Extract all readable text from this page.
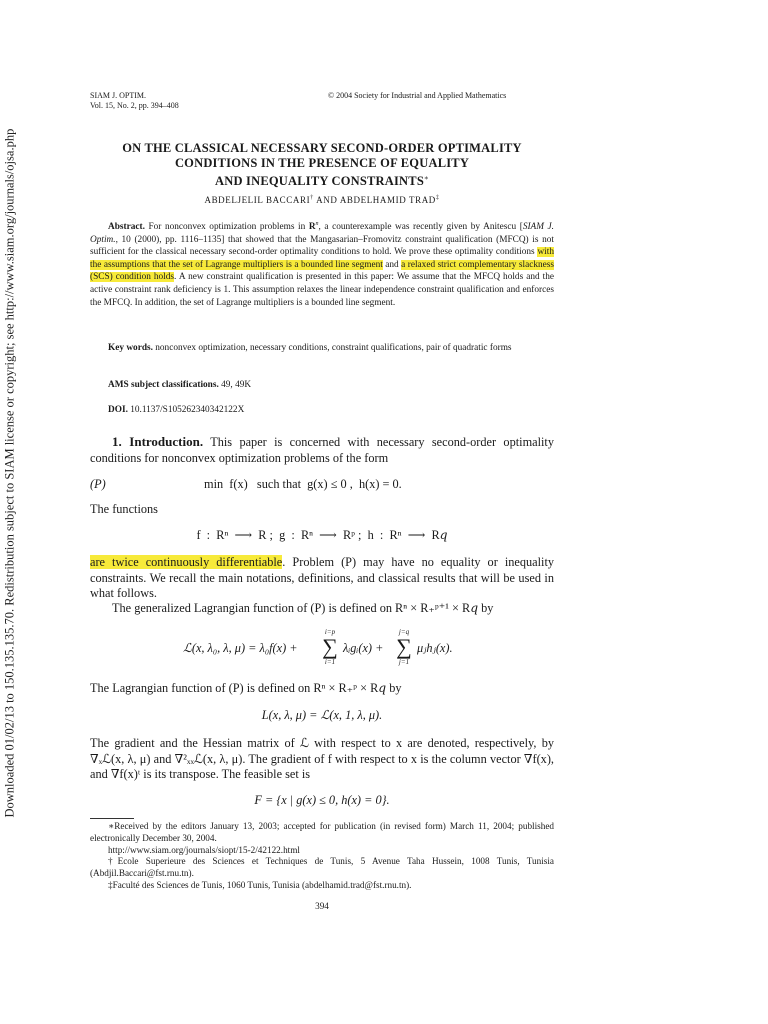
Downloaded 01/02/13 to 150.135.135.70. Redistribution subject to SIAM license or copyright; see http://www.siam.org/journals/ojsa.php
SIAM J. OPTIM.
Vol. 15, No. 2, pp. 394–408
© 2004 Society for Industrial and Applied Mathematics
ON THE CLASSICAL NECESSARY SECOND-ORDER OPTIMALITY
CONDITIONS IN THE PRESENCE OF EQUALITY
AND INEQUALITY CONSTRAINTS∗
ABDELJELIL BACCARI† AND ABDELHAMID TRAD‡
Abstract. For nonconvex optimization problems in $R^n$, a counterexample was recently given by Anitescu [SIAM J. Optim., 10 (2000), pp. 1116–1135] that showed that the Mangasarian–Fromovitz constraint qualification (MFCQ) is not sufficient for the classical necessary second-order optimality conditions to hold. We prove these optimality conditions with the assumptions that the set of Lagrange multipliers is a bounded line segment and a relaxed strict complementary slackness (SCS) condition holds. A new constraint qualification is presented in this paper: We assume that the MFCQ holds and the active constraint rank deficiency is 1. This assumption relaxes the linear independence constraint qualification and enforces the MFCQ. In addition, the set of Lagrange multipliers is a bounded line segment.
Key words. nonconvex optimization, necessary conditions, constraint qualifications, pair of quadratic forms
AMS subject classifications. 49, 49K
DOI. 10.1137/S105262340342122X
1. Introduction. This paper is concerned with necessary second-order optimality conditions for nonconvex optimization problems of the form
(P)	min  f(x)   such that  g(x) ≤ 0 ,  h(x) = 0.
The functions
f  :  Rⁿ  ⟶  R ;  g  :  Rⁿ  ⟶  Rᵖ ;  h  :  Rⁿ  ⟶  R𝑞
are twice continuously differentiable. Problem (P) may have no equality or inequality constraints. We recall the main notations, definitions, and classical results that will be used in what follows.
The generalized Lagrangian function of (P) is defined on Rⁿ × R₊ᵖ⁺¹ × R𝑞 by
ℒ(x, λ₀, λ, μ) = λ₀f(x) +
i=p
∑
i=1
λᵢgᵢ(x) +
j=q
∑
j=1
μⱼhⱼ(x).
The Lagrangian function of (P) is defined on Rⁿ × R₊ᵖ × R𝑞 by
L(x, λ, μ) = ℒ(x, 1, λ, μ).
The gradient and the Hessian matrix of ℒ with respect to x are denoted, respectively, by ∇ₓℒ(x, λ, μ) and ∇²ₓₓℒ(x, λ, μ). The gradient of f with respect to x is the column vector ∇f(x), and ∇f(x)ᵗ is its transpose. The feasible set is
F = {x | g(x) ≤ 0, h(x) = 0}.
∗Received by the editors January 13, 2003; accepted for publication (in revised form) March 11, 2004; published electronically December 30, 2004.
http://www.siam.org/journals/siopt/15-2/42122.html
†Ecole Superieure des Sciences et Techniques de Tunis, 5 Avenue Taha Hussein, 1008 Tunis, Tunisia (Abdjil.Baccari@fst.rnu.tn).
‡Faculté des Sciences de Tunis, 1060 Tunis, Tunisia (abdelhamid.trad@fst.rnu.tn).
394
